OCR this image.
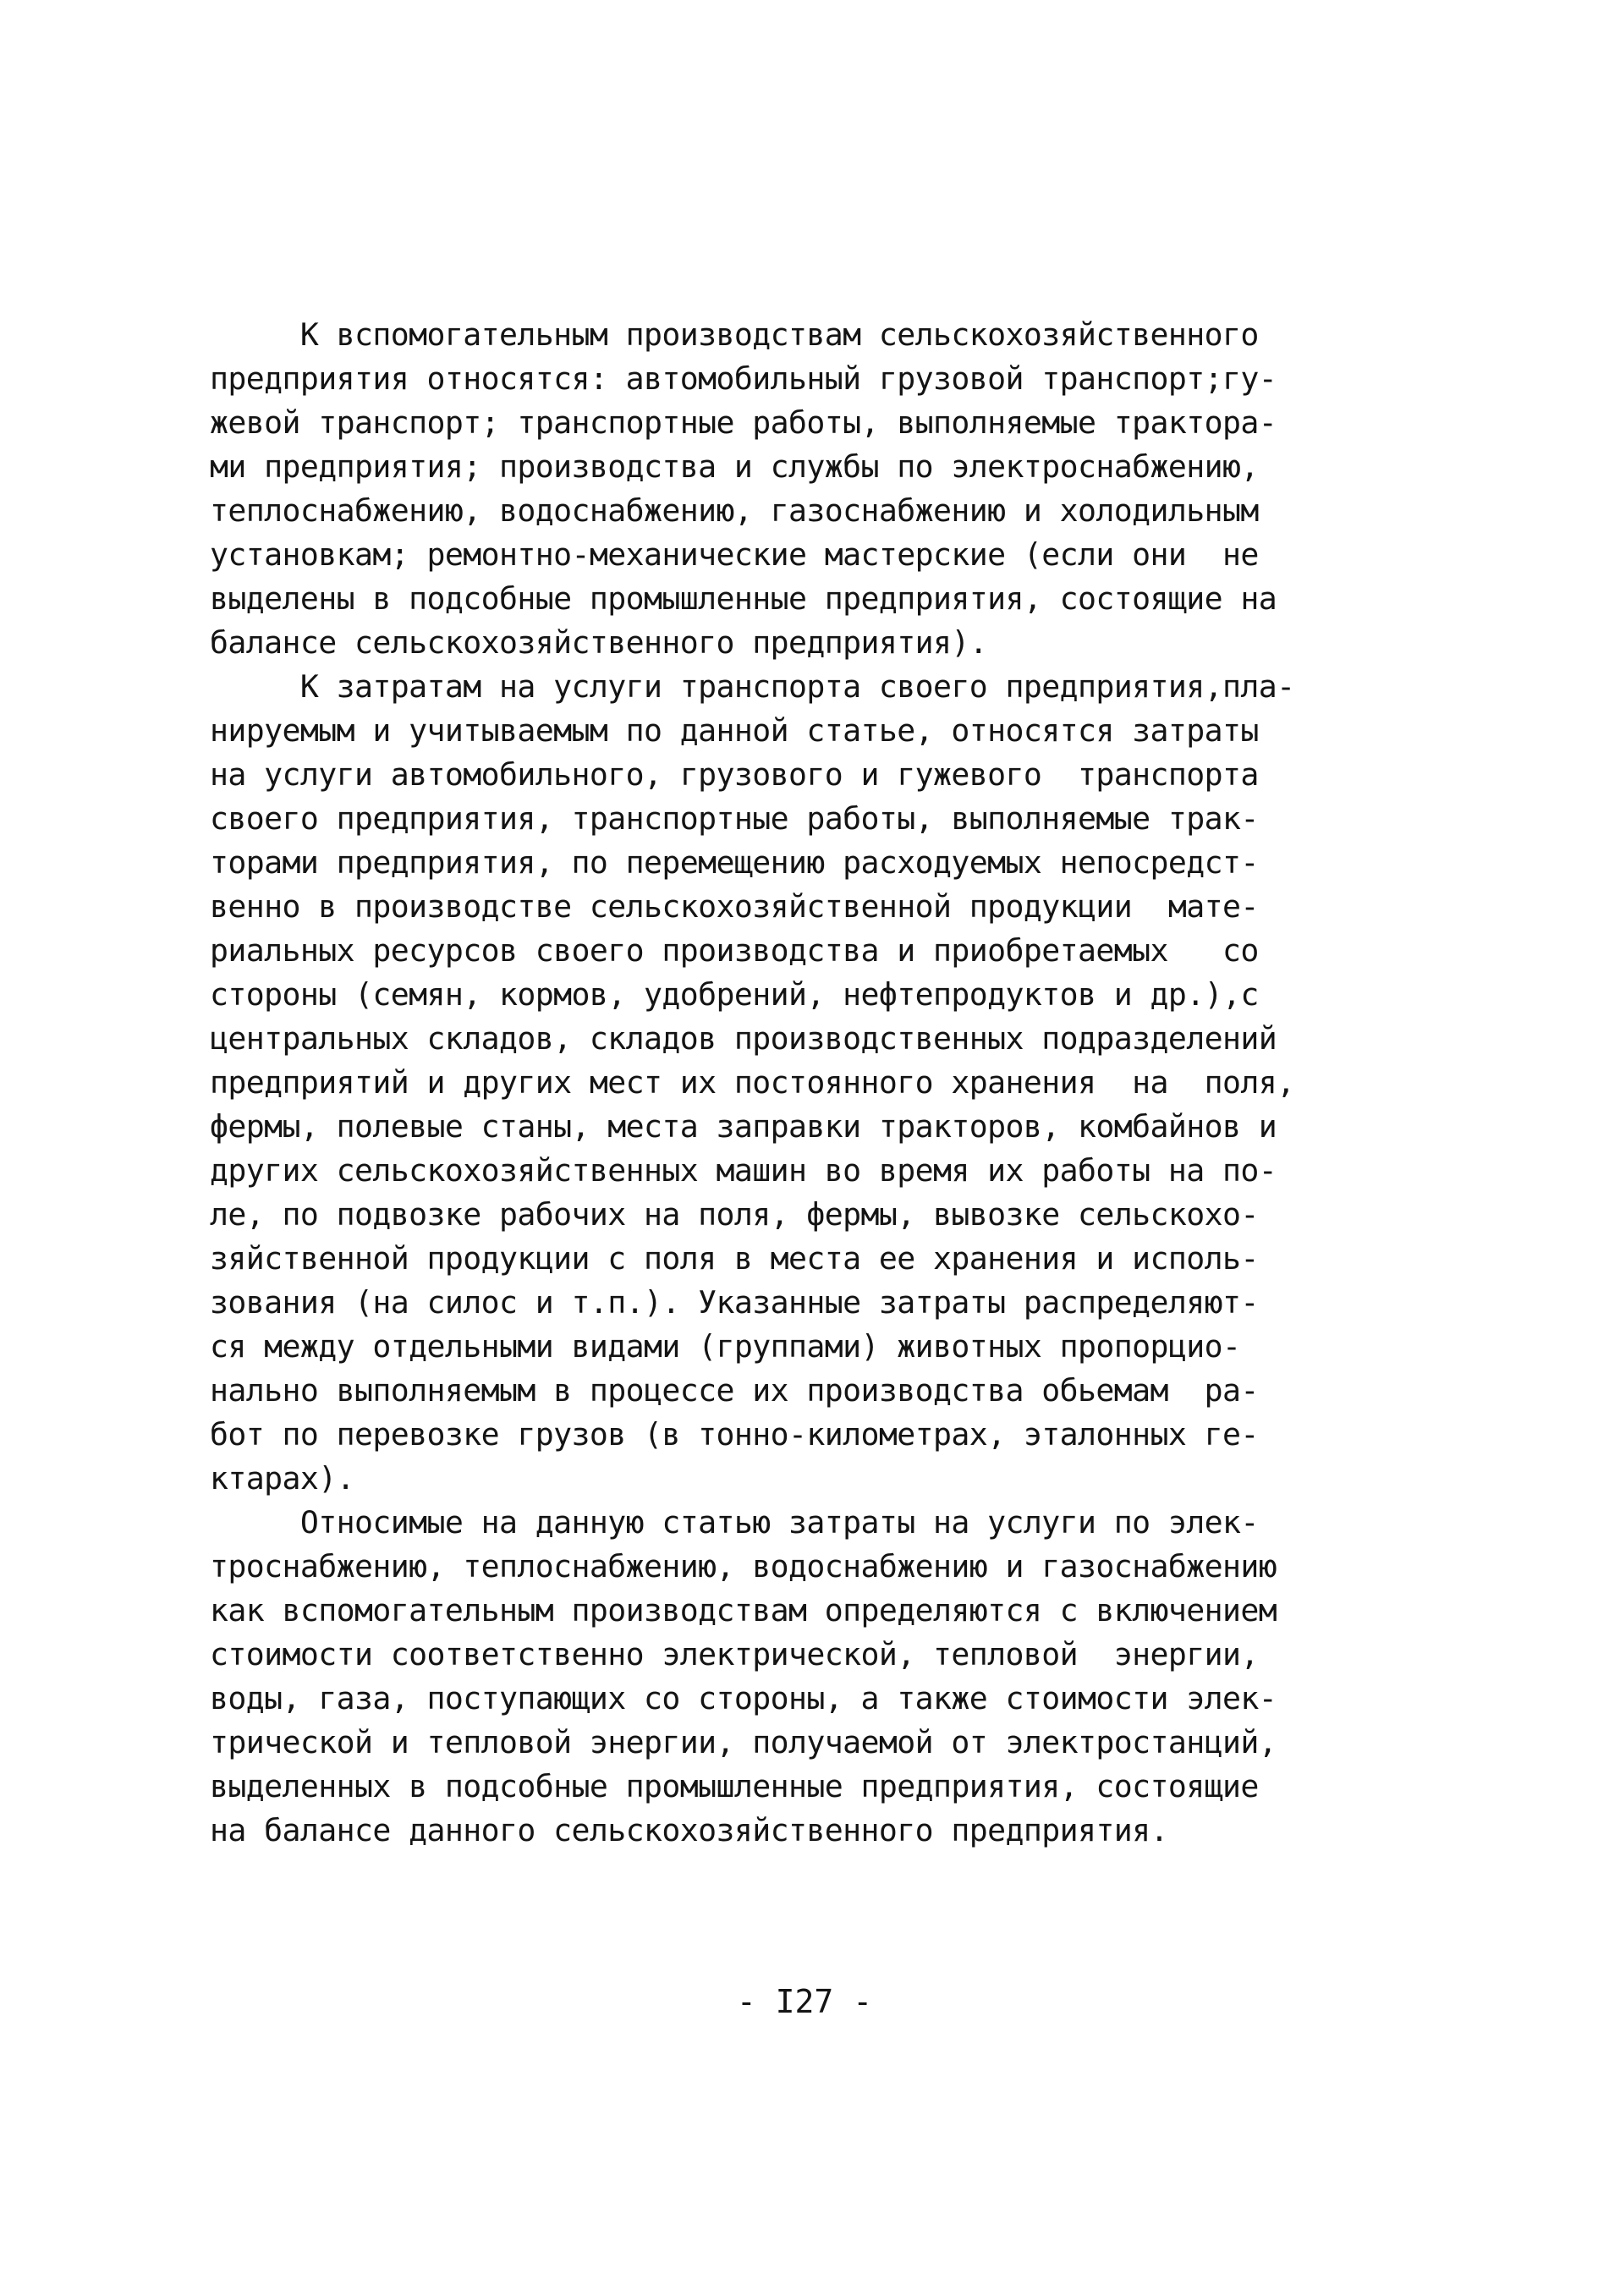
К вспомогательным производствам сельскохозяйственного
предприятия относятся: автомобильный грузовой транспорт;гу-
жевой транспорт; транспортные работы, выполняемые трактора-
ми предприятия; производства и службы по электроснабжению,
теплоснабжению, водоснабжению, газоснабжению и холодильным
установкам; ремонтно-механические мастерские (если они  не
выделены в подсобные промышленные предприятия, состоящие на
балансе сельскохозяйственного предприятия).
К затратам на услуги транспорта своего предприятия,пла-
нируемым и учитываемым по данной статье, относятся затраты
на услуги автомобильного, грузового и гужевого  транспорта
своего предприятия, транспортные работы, выполняемые трак-
торами предприятия, по перемещению расходуемых непосредст-
венно в производстве сельскохозяйственной продукции  мате-
риальных ресурсов своего производства и приобретаемых   со
стороны (семян, кормов, удобрений, нефтепродуктов и др.),с
центральных складов, складов производственных подразделений
предприятий и других мест их постоянного хранения  на  поля,
фермы, полевые станы, места заправки тракторов, комбайнов и
других сельскохозяйственных машин во время их работы на по-
ле, по подвозке рабочих на поля, фермы, вывозке сельскохо-
зяйственной продукции с поля в места ее хранения и исполь-
зования (на силос и т.п.). Указанные затраты распределяют-
ся между отдельными видами (группами) животных пропорцио-
нально выполняемым в процессе их производства обьемам  ра-
бот по перевозке грузов (в тонно-километрах, эталонных ге-
ктарах).
Относимые на данную статью затраты на услуги по элек-
троснабжению, теплоснабжению, водоснабжению и газоснабжению
как вспомогательным производствам определяются с включением
стоимости соответственно электрической, тепловой  энергии,
воды, газа, поступающих со стороны, а также стоимости элек-
трической и тепловой энергии, получаемой от электростанций,
выделенных в подсобные промышленные предприятия, состоящие
на балансе данного сельскохозяйственного предприятия.
- I27 -
